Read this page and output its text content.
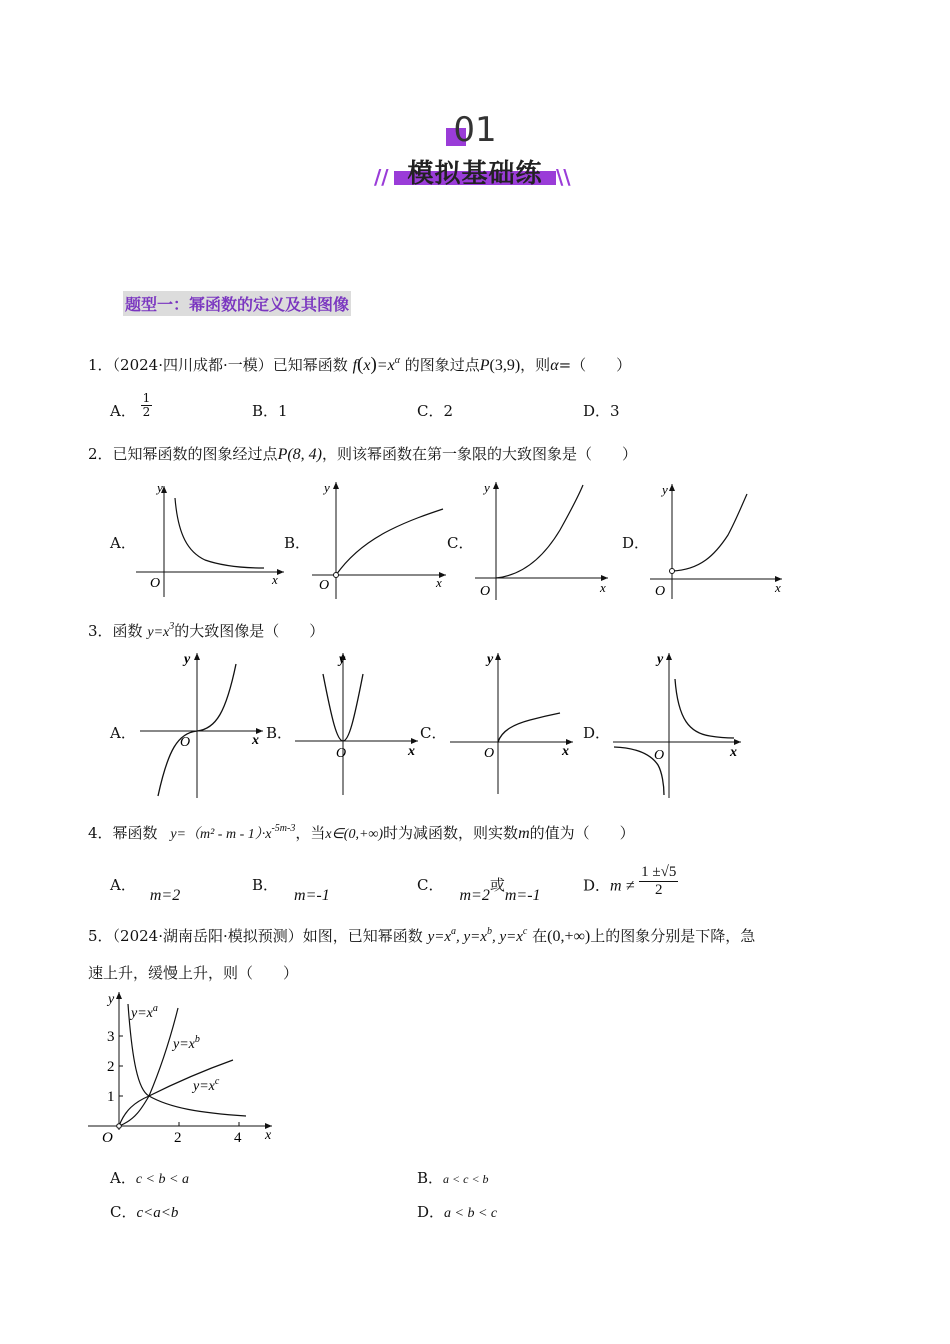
01
模拟基础练
//	\\
题型一：幂函数的定义及其图像
1．（2024·四川成都·一模）已知幂函数 $f(x)=x^\alpha$ 的图象过点P(3,9)，则α=（　　）
A． $\frac{1}{2}$	B．1	C．2	D．3
2．已知幂函数的图象经过点P(8, 4)，则该幂函数在第一象限的大致图象是（　　）
A．	B．	C．	D．
y
x
O
y
x
O
y
x
O
y
x
O
y
x
O
y
x
O
y
x
O
y
x
O
y
x
O
1
2
3
2	4
$y=x^a$
$y=x^b$
$y=x^c$
3．函数 $y=x^3$的大致图像是（　　）
A．	B．	C．	D．
4．幂函数 $y=(m^2 - m - 1)\cdot x^{-5m-3}$，当x∈(0,+∞)时为减函数，则实数m的值为（　　）
A．m=2
B．m=-1
C．m=2或m=-1
D．$m \ne \frac{1 \pm√5}{2}$
5．（2024·湖南岳阳·模拟预测）如图，已知幂函数 $y=x^a$, $y=x^b$, $y=x^c$ 在(0,+∞)上的图象分别是下降，急
速上升，缓慢上升，则（　　）
A．c < b < a	B．a < c < b
C．c<a<b	D．a < b < c
